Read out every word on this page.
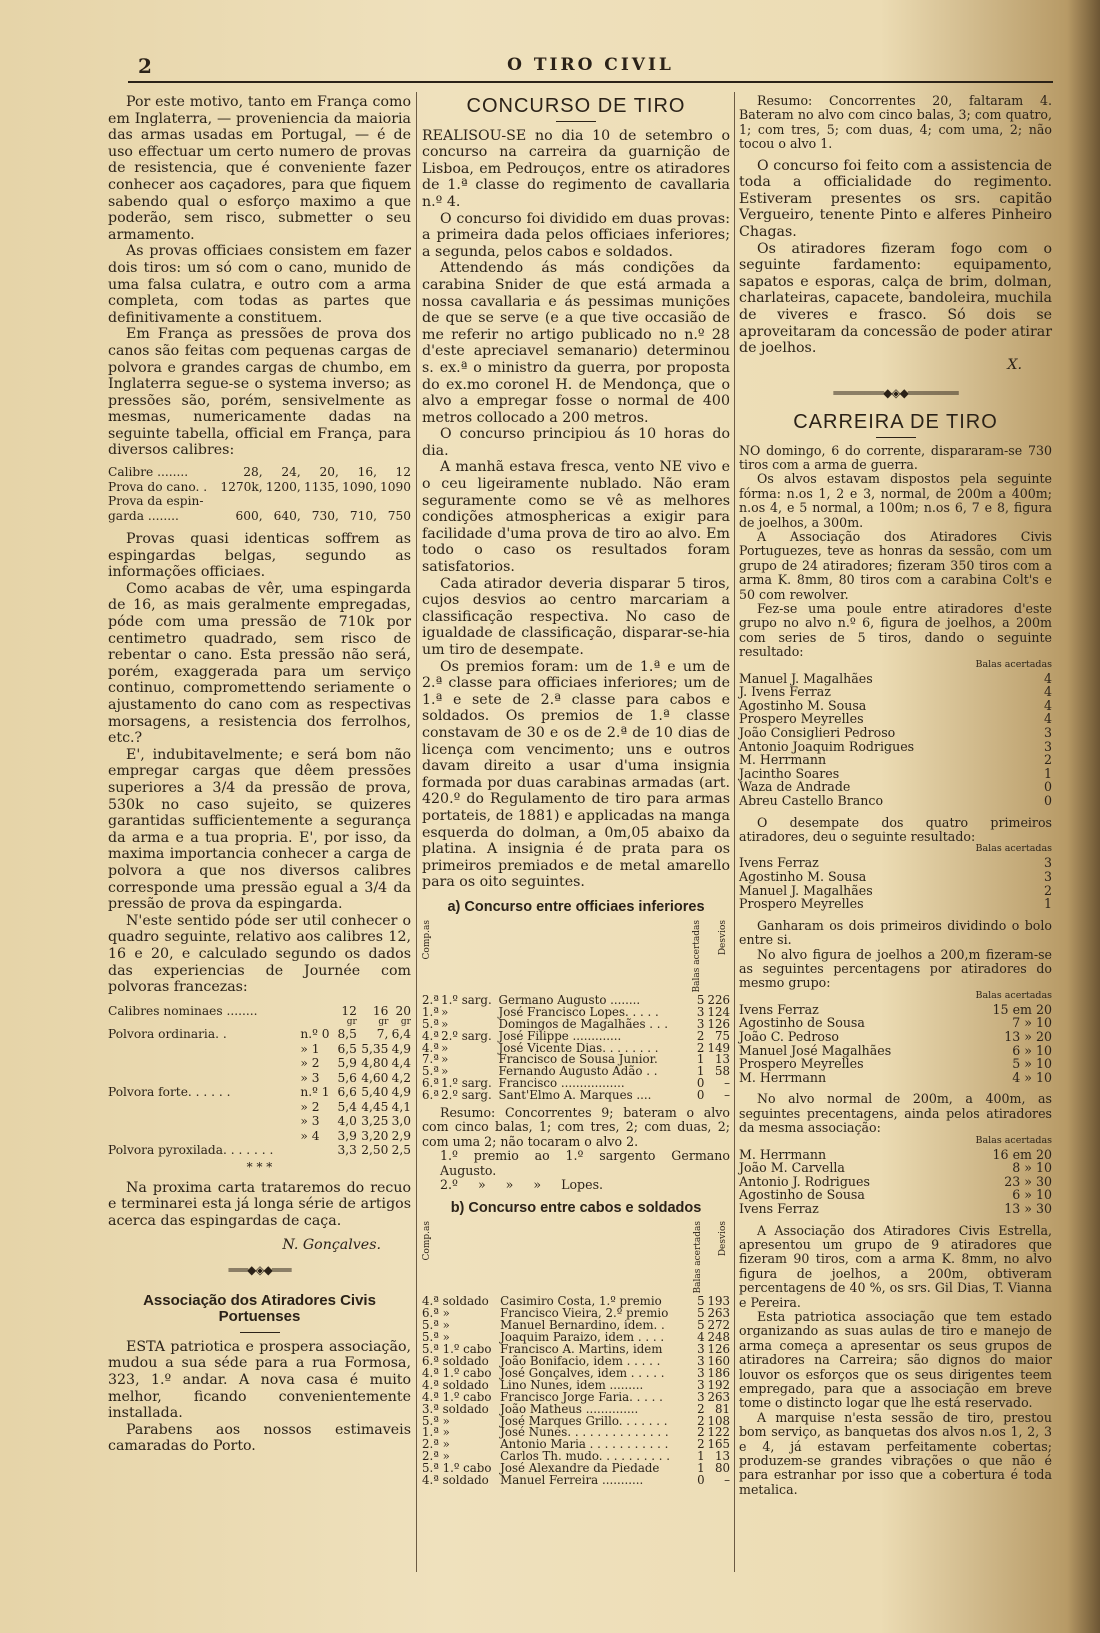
2	O TIRO CIVIL

Por este motivo, tanto em França como em Inglaterra, — proveniencia da maioria das armas usadas em Portugal, — é de uso effectuar um certo numero de provas de resistencia, que é conveniente fazer conhecer aos caçadores, para que fiquem sabendo qual o esforço maximo a que poderão, sem risco, submetter o seu armamento.

As provas officiaes consistem em fazer dois tiros: um só com o cano, munido de uma falsa culatra, e outro com a arma completa, com todas as partes que definitivamente a constituem.

Em França as pressões de prova dos canos são feitas com pequenas cargas de polvora e grandes cargas de chumbo, em Inglaterra segue-se o systema inverso; as pressões são, porém, sensivelmente as mesmas, numericamente dadas na seguinte tabella, official em França, para diversos calibres:

Calibre ........	28,	24,	20,	16,	12
Prova do cano. .	1270k,	1200,	1135,	1090,	1090
Prova da espin-					
garda ........	600,	640,	730,	710,	750

Provas quasi identicas soffrem as espingardas belgas, segundo as informações officiaes.

Como acabas de vêr, uma espingarda de 16, as mais geralmente empregadas, póde com uma pressão de 710k por centimetro quadrado, sem risco de rebentar o cano. Esta pressão não será, porém, exaggerada para um serviço continuo, compromettendo seriamente o ajustamento do cano com as respectivas morsagens, a resistencia dos ferrolhos, etc.?

E', indubitavelmente; e será bom não empregar cargas que dêem pressões superiores a 3/4 da pressão de prova, 530k no caso sujeito, se quizeres garantidas sufficientemente a segurança da arma e a tua propria. E', por isso, da maxima importancia conhecer a carga de polvora a que nos diversos calibres corresponde uma pressão egual a 3/4 da pressão de prova da espingarda.

N'este sentido póde ser util conhecer o quadro seguinte, relativo aos calibres 12, 16 e 20, e calculado segundo os dados das experiencias de Journée com polvoras francezas:

Calibres nominaes ........		12	16	20
		gr	gr	gr
Polvora ordinaria. .	n.º 0	8,5	7,	6,4
	» 1	6,5	5,35	4,9
	» 2	5,9	4,80	4,4
	» 3	5,6	4,60	4,2
Polvora forte. . . . . .	n.º 1	6,6	5,40	4,9
	» 2	5,4	4,45	4,1
	» 3	4,0	3,25	3,0
	» 4	3,9	3,20	2,9
Polvora pyroxilada. . . . . . .		3,3	2,50	2,5
* * *

Na proxima carta trataremos do recuo e terminarei esta já longa série de artigos acerca das espingardas de caça.

N. Gonçalves.
═══◆◈◆═══
Associação dos Atiradores Civis Portuenses

ESTA patriotica e prospera associação, mudou a sua séde para a rua Formosa, 323, 1.º andar. A nova casa é muito melhor, ficando convenientemente installada.

Parabens aos nossos estimaveis camaradas do Porto.

CONCURSO DE TIRO

REALISOU-SE no dia 10 de setembro o concurso na carreira da guarnição de Lisboa, em Pedrouços, entre os atiradores de 1.ª classe do regimento de cavallaria n.º 4.

O concurso foi dividido em duas provas: a primeira dada pelos officiaes inferiores; a segunda, pelos cabos e soldados.

Attendendo ás más condições da carabina Snider de que está armada a nossa cavallaria e ás pessimas munições de que se serve (e a que tive occasião de me referir no artigo publicado no n.º 28 d'este apreciavel semanario) determinou s. ex.ª o ministro da guerra, por proposta do ex.mo coronel H. de Mendonça, que o alvo a empregar fosse o normal de 400 metros collocado a 200 metros.

O concurso principiou ás 10 horas do dia.

A manhã estava fresca, vento NE vivo e o ceu ligeiramente nublado. Não eram seguramente como se vê as melhores condições atmosphericas a exigir para facilidade d'uma prova de tiro ao alvo. Em todo o caso os resultados foram satisfatorios.

Cada atirador deveria disparar 5 tiros, cujos desvios ao centro marcariam a classificação respectiva. No caso de igualdade de classificação, disparar-se-hia um tiro de desempate.

Os premios foram: um de 1.ª e um de 2.ª classe para officiaes inferiores; um de 1.ª e sete de 2.ª classe para cabos e soldados. Os premios de 1.ª classe constavam de 30 e os de 2.ª de 10 dias de licença com vencimento; uns e outros davam direito a usar d'uma insignia formada por duas carabinas armadas (art. 420.º do Regulamento de tiro para armas portateis, de 1881) e applicadas na manga esquerda do dolman, a 0m,05 abaixo da platina. A insignia é de prata para os primeiros premiados e de metal amarello para os oito seguintes.

a) Concurso entre officiaes inferiores
Comp.as			Balas acertadas	Desvios
2.ª	1.º sarg.	Germano Augusto ........	5	226
1.ª	»	José Francisco Lopes. . . . .	3	124
5.ª	»	Domingos de Magalhães . . .	3	126
4.ª	2.º sarg.	José Filippe .............	2	75
4.ª	»	José Vicente Dias. . . . . . . .	2	149
7.ª	»	Francisco de Sousa Junior.	1	13
5.ª	»	Fernando Augusto Adão . .	1	58
6.ª	1.º sarg.	Francisco .................	0	–
6.ª	2.º sarg.	Sant'Elmo A. Marques ....	0	–

Resumo: Concorrentes 9; bateram o alvo com cinco balas, 1; com tres, 2; com duas, 2; com uma 2; não tocaram o alvo 2.

1.º premio ao 1.º sargento Germano Augusto.
2.º     »     »     »     Lopes.
b) Concurso entre cabos e soldados
Comp.as		Balas acertadas	Desvios
4.ª soldado	Casimiro Costa, 1.º premio	5	193
6.ª »	Francisco Vieira, 2.º premio	5	263
5.ª »	Manuel Bernardino, idem. .	5	272
5.ª »	Joaquim Paraizo, idem . . . .	4	248
5.ª 1.º cabo	Francisco A. Martins, idem	3	126
6.ª soldado	João Bonifacio, idem . . . . .	3	160
4.ª 1.º cabo	José Gonçalves, idem . . . . .	3	186
4.ª soldado	Lino Nunes, idem .........	3	192
4.ª 1.º cabo	Francisco Jorge Faria. . . . .	3	263
3.ª soldado	João Matheus ..............	2	81
5.ª »	José Marques Grillo. . . . . . .	2	108
1.ª »	José Nunes. . . . . . . . . . . . . .	2	122
2.ª »	Antonio Maria . . . . . . . . . . .	2	165
2.ª »	Carlos Th. mudo. . . . . . . . . .	1	13
5.ª 1.º cabo	José Alexandre da Piedade	1	80
4.ª soldado	Manuel Ferreira ...........	0	–

Resumo: Concorrentes 20, faltaram 4. Bateram no alvo com cinco balas, 3; com quatro, 1; com tres, 5; com duas, 4; com uma, 2; não tocou o alvo 1.

O concurso foi feito com a assistencia de toda a officialidade do regimento. Estiveram presentes os srs. capitão Vergueiro, tenente Pinto e alferes Pinheiro Chagas.

Os atiradores fizeram fogo com o seguinte fardamento: equipamento, sapatos e esporas, calça de brim, dolman, charlateiras, capacete, bandoleira, muchila de viveres e frasco. Só dois se aproveitaram da concessão de poder atirar de joelhos.

X.
════════◆◈◆════════
CARREIRA DE TIRO

NO domingo, 6 do corrente, dispararam-se 730 tiros com a arma de guerra.

Os alvos estavam dispostos pela seguinte fórma: n.os 1, 2 e 3, normal, de 200m a 400m; n.os 4, e 5 normal, a 100m; n.os 6, 7 e 8, figura de joelhos, a 300m.

A Associação dos Atiradores Civis Portuguezes, teve as honras da sessão, com um grupo de 24 atiradores; fizeram 350 tiros com a arma K. 8mm, 80 tiros com a carabina Colt's e 50 com rewolver.

Fez-se uma poule entre atiradores d'este grupo no alvo n.º 6, figura de joelhos, a 200m com series de 5 tiros, dando o seguinte resultado:

Balas acertadas
Manuel J. Magalhães	4
J. Ivens Ferraz	4
Agostinho M. Sousa	4
Prospero Meyrelles	4
João Consiglieri Pedroso	3
Antonio Joaquim Rodrigues	3
M. Herrmann	2
Jacintho Soares	1
Waza de Andrade	0
Abreu Castello Branco	0

O desempate dos quatro primeiros atiradores, deu o seguinte resultado:

Balas acertadas
Ivens Ferraz	3
Agostinho M. Sousa	3
Manuel J. Magalhães	2
Prospero Meyrelles	1

Ganharam os dois primeiros dividindo o bolo entre si.

No alvo figura de joelhos a 200,m fizeram-se as seguintes percentagens por atiradores do mesmo grupo:

Balas acertadas
Ivens Ferraz	15 em 20
Agostinho de Sousa	7 » 10
João C. Pedroso	13 » 20
Manuel José Magalhães	6 » 10
Prospero Meyrelles	5 » 10
M. Herrmann	4 » 10

No alvo normal de 200m, a 400m, as seguintes precentagens, ainda pelos atiradores da mesma associação:

Balas acertadas
M. Herrmann	16 em 20
João M. Carvella	8 » 10
Antonio J. Rodrigues	23 » 30
Agostinho de Sousa	6 » 10
Ivens Ferraz	13 » 30

A Associação dos Atiradores Civis Estrella, apresentou um grupo de 9 atiradores que fizeram 90 tiros, com a arma K. 8mm, no alvo figura de joelhos, a 200m, obtiveram percentagens de 40 %, os srs. Gil Dias, T. Vianna e Pereira.

Esta patriotica associação que tem estado organizando as suas aulas de tiro e manejo de arma começa a apresentar os seus grupos de atiradores na Carreira; são dignos do maior louvor os esforços que os seus dirigentes teem empregado, para que a associação em breve tome o distincto logar que lhe está reservado.

A marquise n'esta sessão de tiro, prestou bom serviço, as banquetas dos alvos n.os 1, 2, 3 e 4, já estavam perfeitamente cobertas; produzem-se grandes vibrações o que não é para estranhar por isso que a cobertura é toda metalica.
